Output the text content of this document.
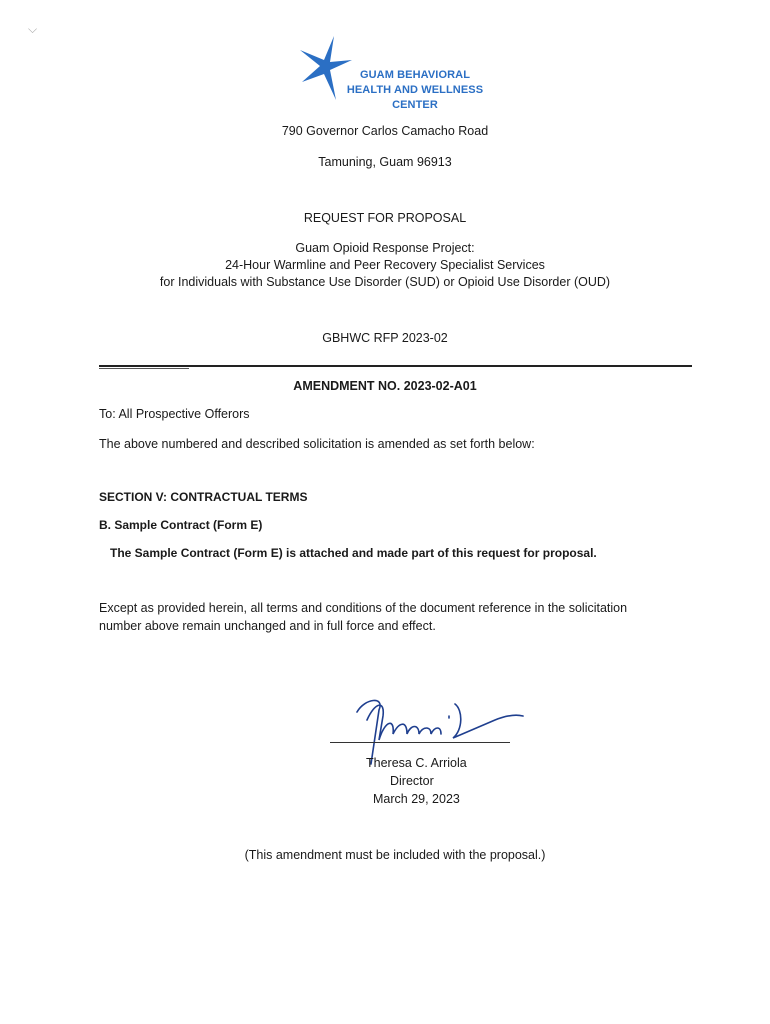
⌵
GUAM BEHAVIORAL
HEALTH AND WELLNESS
CENTER
790 Governor Carlos Camacho Road
Tamuning, Guam 96913
REQUEST FOR PROPOSAL
Guam Opioid Response Project:
24-Hour Warmline and Peer Recovery Specialist Services
for Individuals with Substance Use Disorder (SUD) or Opioid Use Disorder (OUD)
GBHWC RFP 2023-02
AMENDMENT NO. 2023-02-A01
To: All Prospective Offerors
The above numbered and described solicitation is amended as set forth below:
SECTION V: CONTRACTUAL TERMS
B. Sample Contract (Form E)
The Sample Contract (Form E) is attached and made part of this request for proposal.
Except as provided herein, all terms and conditions of the document reference in the solicitation
number above remain unchanged and in full force and effect.
Theresa C. Arriola
Director
March 29, 2023
(This amendment must be included with the proposal.)
